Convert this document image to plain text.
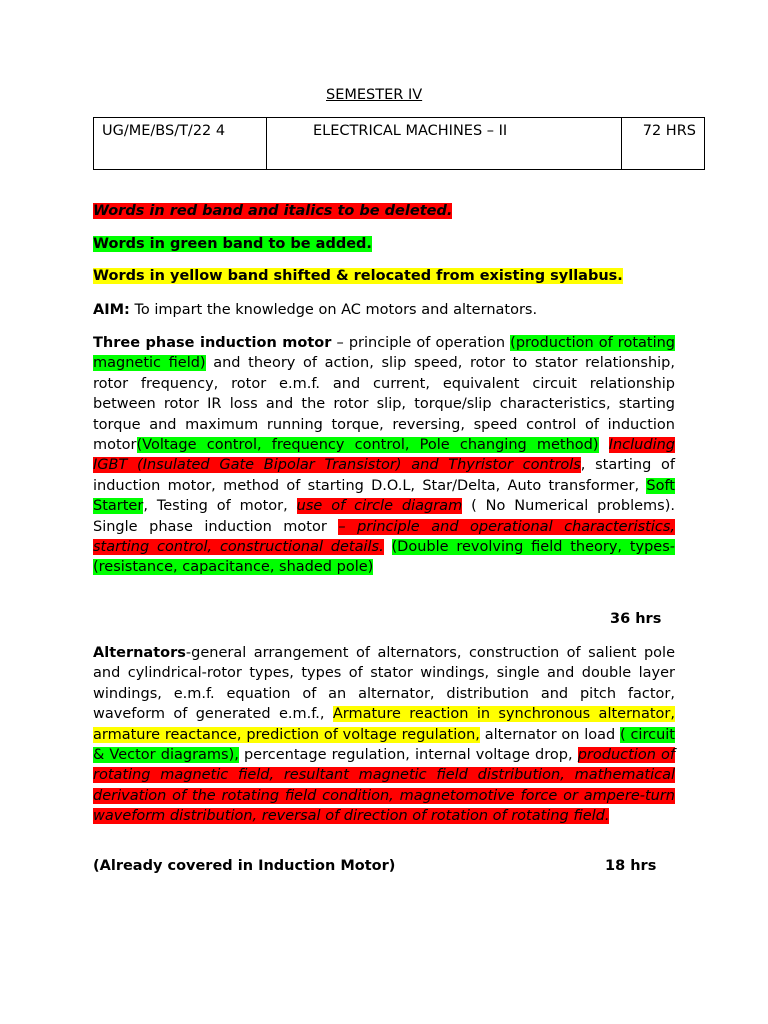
SEMESTER IV
UG/ME/BS/T/22 4	ELECTRICAL MACHINES – II	72 HRS
Words in red band and italics to be deleted.
Words in green band to be added.
Words in yellow band shifted & relocated from existing syllabus.
AIM: To impart the knowledge on AC motors and alternators.
Three phase induction motor – principle of operation (production of rotating magnetic field) and theory of action, slip speed, rotor to stator relationship, rotor frequency, rotor e.m.f. and current, equivalent circuit relationship between rotor IR loss and the rotor slip, torque/slip characteristics, starting torque and maximum running torque, reversing, speed control of induction motor(Voltage control, frequency control, Pole changing method) Including IGBT (Insulated Gate Bipolar Transistor) and Thyristor controls, starting of induction motor, method of starting D.O.L, Star/Delta, Auto transformer, Soft Starter, Testing of motor, use of circle diagram ( No Numerical problems). Single phase induction motor – principle and operational characteristics, starting control, constructional details. (Double revolving field theory, types-(resistance, capacitance, shaded pole)
36 hrs
Alternators-general arrangement of alternators, construction of salient pole and cylindrical-rotor types, types of stator windings, single and double layer windings, e.m.f. equation of an alternator, distribution and pitch factor, waveform of generated e.m.f., Armature reaction in synchronous alternator, armature reactance, prediction of voltage regulation, alternator on load ( circuit & Vector diagrams), percentage regulation, internal voltage drop, production of rotating magnetic field, resultant magnetic field distribution, mathematical derivation of the rotating field condition, magnetomotive force or ampere-turn waveform distribution, reversal of direction of rotation of rotating field.
(Already covered in Induction Motor)	18 hrs
